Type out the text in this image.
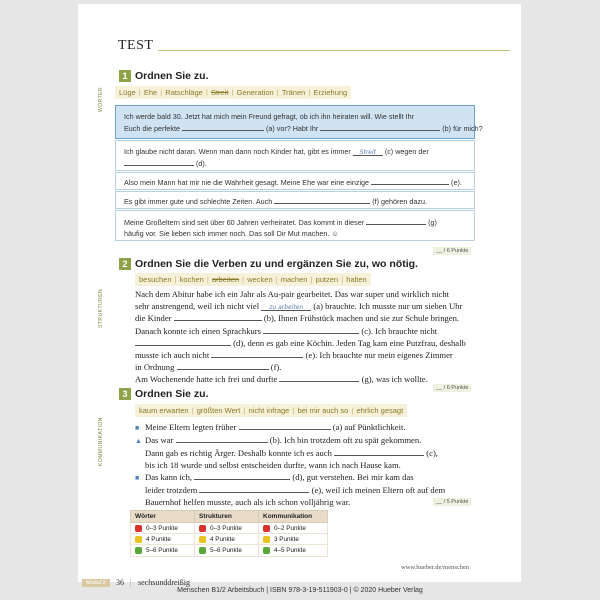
TEST
1 Ordnen Sie zu.
WÖRTER	Lüge | Ehe | Ratschläge | Streit | Generation | Tränen | Erziehung
Ich werde bald 30. Jetzt hat mich mein Freund gefragt, ob ich ihn heiraten will. Wie stellt Ihr
Euch die perfekte	(a) vor? Habt Ihr	(b) für mich?
Ich glaube nicht daran. Wenn man dann noch Kinder hat, gibt es immer Streit (c) wegen der
(d).
Also mein Mann hat mir nie die Wahrheit gesagt. Meine Ehe war eine einzige	(e).
Es gibt immer gute und schlechte Zeiten. Auch	(f) gehören dazu.
Meine Großeltern sind seit über 60 Jahren verheiratet. Das kommt in dieser	(g)
häufig vor. Sie lieben sich immer noch. Das soll Dir Mut machen. ☺
__ / 6 Punkte
2 Ordnen Sie die Verben zu und ergänzen Sie zu, wo nötig.
STRUKTUREN
besuchen | kochen | arbeiten | wecken | machen | putzen | halten
Nach dem Abitur habe ich ein Jahr als Au-pair gearbeitet. Das war super und wirklich nicht
sehr anstrengend, weil ich nicht viel zu arbeiten (a) brauchte. Ich musste nur um sieben Uhr
die Kinder	(b), Ihnen Frühstück machen und sie zur Schule bringen.
Danach konnte ich einen Sprachkurs	(c). Ich brauchte nicht
(d), denn es gab eine Köchin. Jeden Tag kam eine Putzfrau, deshalb
musste ich auch nicht	(e). Ich brauchte nur mein eigenes Zimmer
in Ordnung	(f).
Am Wochenende hatte ich frei und durfte	(g), was ich wollte.
__ / 6 Punkte
3 Ordnen Sie zu.
KOMMUNIKATION
kaum erwarten | größten Wert | nicht infrage | bei mir auch so | ehrlich gesagt
■ Meine Eltern legten früher	(a) auf Pünktlichkeit.
▲ Das war	(b). Ich bin trotzdem oft zu spät gekommen.
Dann gab es richtig Ärger. Deshalb konnte ich es auch	(c),
bis ich 18 wurde und selbst entscheiden durfte, wann ich nach Hause kam.
■ Das kann ich,	(d), gut verstehen. Bei mir kam das
leider trotzdem	(e), weil ich meinen Eltern oft auf dem
Bauernhof helfen musste, auch als ich schon volljährig war.	__ / 5 Punkte
Wörter	Strukturen	Kommunikation
0–3 Punkte	0–3 Punkte	0–2 Punkte
4 Punkte	4 Punkte	3 Punkte
5–6 Punkte	5–6 Punkte	4–5 Punkte
www.hueber.de/menschen
Modul 2	36 | sechsunddreißig
Menschen B1/2 Arbeitsbuch | ISBN 978-3-19-511903-0 | © 2020 Hueber Verlag
